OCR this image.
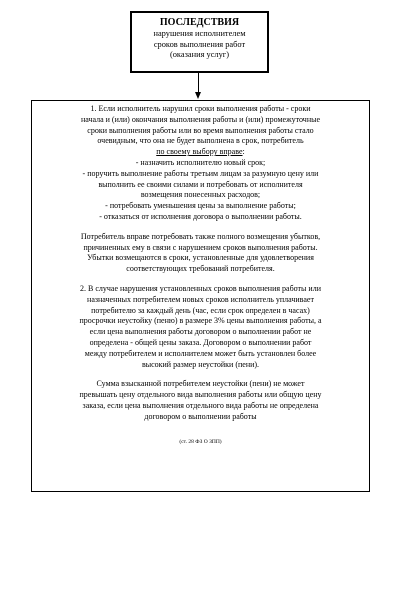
ПОСЛЕДСТВИЯ
нарушения исполнителем
сроков выполнения работ
(оказания услуг)

1. Если исполнитель нарушил сроки выполнения работы - сроки

начала и (или) окончания выполнения работы и (или) промежуточные

сроки выполнения работы или во время выполнения работы стало

очевидным, что она не будет выполнена в срок, потребитель

по своему выбору вправе:

- назначить исполнителю новый срок;

- поручить выполнение работы третьим лицам за разумную цену или

выполнить ее своими силами и потребовать от исполнителя

возмещения понесенных расходов;

- потребовать уменьшения цены за выполнение работы;

- отказаться от исполнения договора о выполнении работы.

Потребитель вправе потребовать также полного возмещения убытков,

причиненных ему в связи с нарушением сроков выполнения работы.

Убытки возмещаются в сроки, установленные для удовлетворения

соответствующих требований потребителя.

2. В случае нарушения установленных сроков выполнения работы или

назначенных потребителем новых сроков исполнитель уплачивает

потребителю за каждый день (час, если срок определен в часах)

просрочки неустойку (пеню) в размере 3% цены выполнения работы, а

если цена выполнения работы договором о выполнении работ не

определена - общей цены заказа. Договором о выполнении работ

между потребителем и исполнителем может быть установлен более

высокий размер неустойки (пени).

Сумма взысканной потребителем неустойки (пени) не может

превышать цену отдельного вида выполнения работы или общую цену

заказа, если цена выполнения отдельного вида работы не определена

договором о выполнении работы

(ст. 28 ФЗ О ЗПП)
